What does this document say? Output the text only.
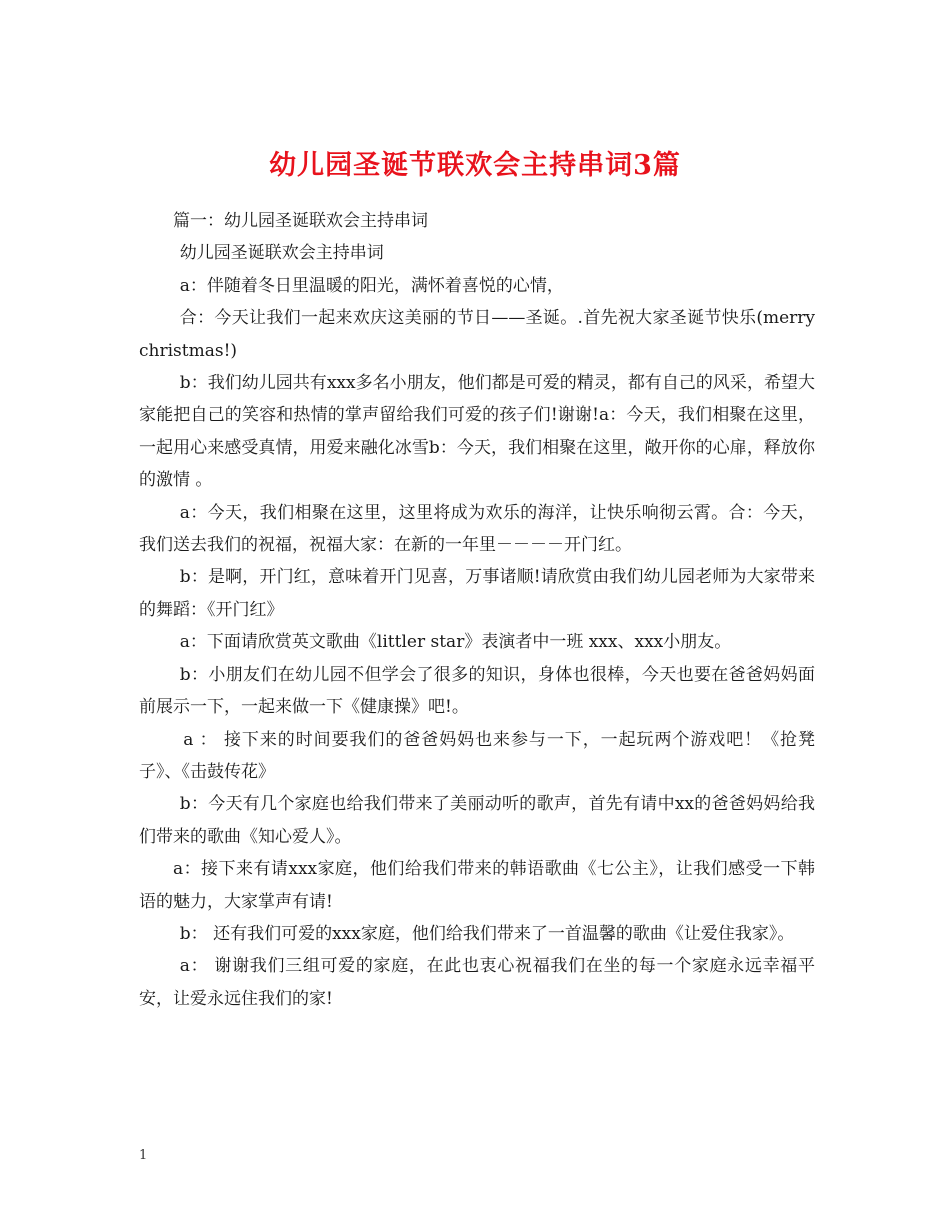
幼儿园圣诞节联欢会主持串词3篇

篇一：幼儿园圣诞联欢会主持串词

幼儿园圣诞联欢会主持串词

a：伴随着冬日里温暖的阳光，满怀着喜悦的心情，

合：今天让我们一起来欢庆这美丽的节日——圣诞。.首先祝大家圣诞节快乐(merry christmas!)

b：我们幼儿园共有xxx多名小朋友，他们都是可爱的精灵，都有自己的风采，希望大家能把自己的笑容和热情的掌声留给我们可爱的孩子们!谢谢!a：今天，我们相聚在这里，一起用心来感受真情，用爱来融化冰雪b：今天，我们相聚在这里，敞开你的心扉，释放你的激情 。

a：今天，我们相聚在这里，这里将成为欢乐的海洋，让快乐响彻云霄。合：今天，我们送去我们的祝福，祝福大家：在新的一年里－－－－开门红。

b：是啊，开门红，意味着开门见喜，万事诸顺!请欣赏由我们幼儿园老师为大家带来的舞蹈：《开门红》

a：下面请欣赏英文歌曲《littler star》表演者中一班 xxx、xxx小朋友。

b：小朋友们在幼儿园不但学会了很多的知识，身体也很棒，今天也要在爸爸妈妈面前展示一下，一起来做一下《健康操》吧!。

a ： 接下来的时间要我们的爸爸妈妈也来参与一下，一起玩两个游戏吧！《抢凳子》、《击鼓传花》

b：今天有几个家庭也给我们带来了美丽动听的歌声，首先有请中xx的爸爸妈妈给我们带来的歌曲《知心爱人》。

a：接下来有请xxx家庭，他们给我们带来的韩语歌曲《七公主》，让我们感受一下韩语的魅力，大家掌声有请!

b： 还有我们可爱的xxx家庭，他们给我们带来了一首温馨的歌曲《让爱住我家》。

a： 谢谢我们三组可爱的家庭，在此也衷心祝福我们在坐的每一个家庭永远幸福平安，让爱永远住我们的家!

1
